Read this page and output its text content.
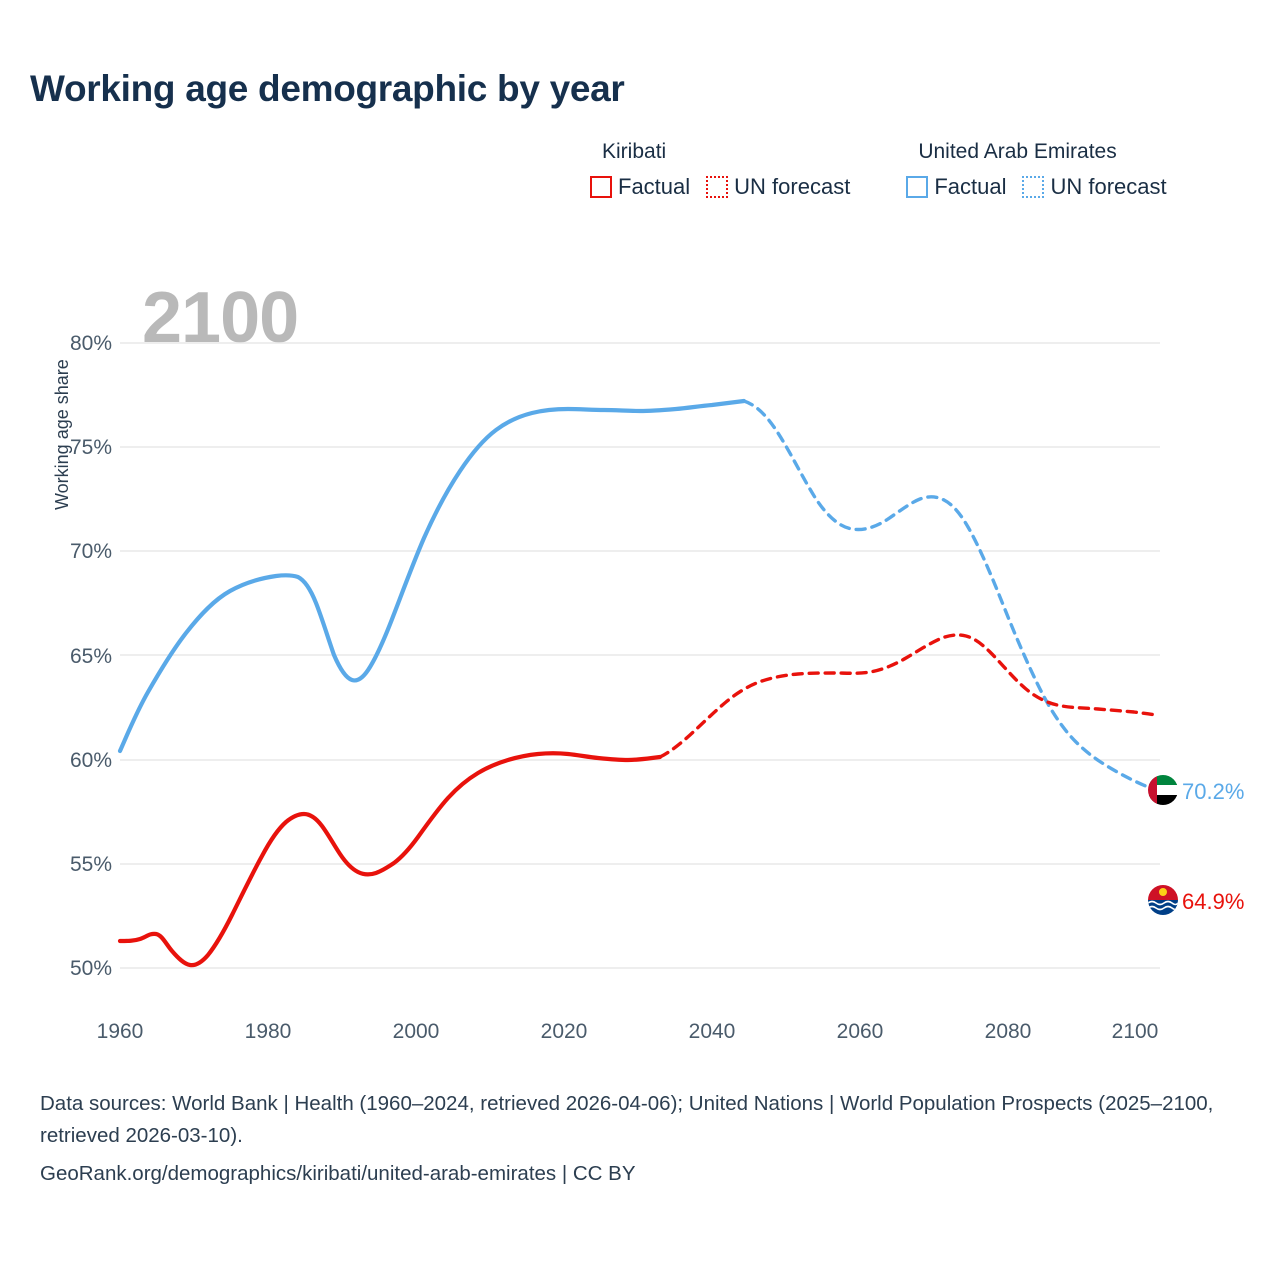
Working age demographic by year
Kiribati
Factual UN forecast
United Arab Emirates
Factual UN forecast
2100
Working age share
80%
75%
70%
65%
60%
55%
50%
70.2%
64.9%
1960	1980	2000	2020	2040	2060	2080	2100
Data sources: World Bank | Health (1960–2024, retrieved 2026-04-06); United Nations | World Population Prospects (2025–2100, retrieved 2026-03-10).
GeoRank.org/demographics/kiribati/united-arab-emirates | CC BY
